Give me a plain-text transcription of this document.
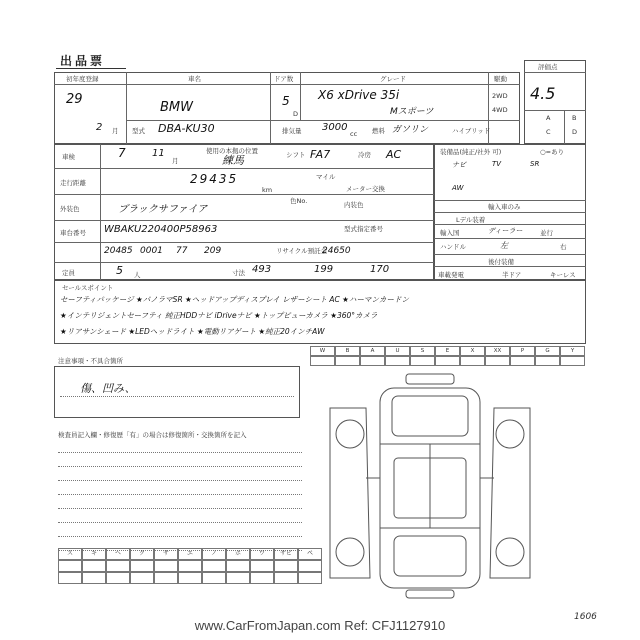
出品票	評価点
4.5
A	B
C	D
初年度登録
29
2 月
車名
BMW
ドア数
5
D
グレード
X6 xDrive 35i
Mスポーツ
駆動
2WD
4WD
型式 DBA-KU30	排気量 3000
cc 燃料 ガソリン	ハイブリッド
車検	7	11
月
使用の本拠の位置
練馬	シフト FA7	冷房 AC
走行距離	29435
km
マイル
メーター交換
外装色	ブラックサファイア
色No.	内装色
車台番号 WBAKU220400P58963	型式指定番号
20485 0001 77 209	リサイクル預託金
24650
定員	5 人	寸法 493	199	170
装備品(純正/社外 可)	○=あり
ナビ	TV	SR
AW
輸入車のみ
Lデル装着
輸入国	ディーラー	並行
ハンドル	左	右
後付装備
車載発電	半ドア	キーレス
セールスポイント
セーフティパッケージ ★パノラマSR ★ヘッドアップディスプレイ レザーシート AC ★ハーマンカードン
★インテリジェントセーフティ 純正HDDナビ iDriveナビ ★トップビューカメラ ★360°カメラ
★リアサンシェード ★LEDヘッドライト ★電動リアゲート ★純正20インチAW
W	B	A	U	S	E	X	XX	P	G	Y
注意事項・不具合箇所
傷、凹み、
検査員記入欄・修復歴「有」の場合は修復箇所・交換箇所を記入
ス	キ	ヘ	ク	サ	エ	ノ	ホ	ワ	サビ	ペ
1606
www.CarFromJapan.com Ref: CFJ1127910
